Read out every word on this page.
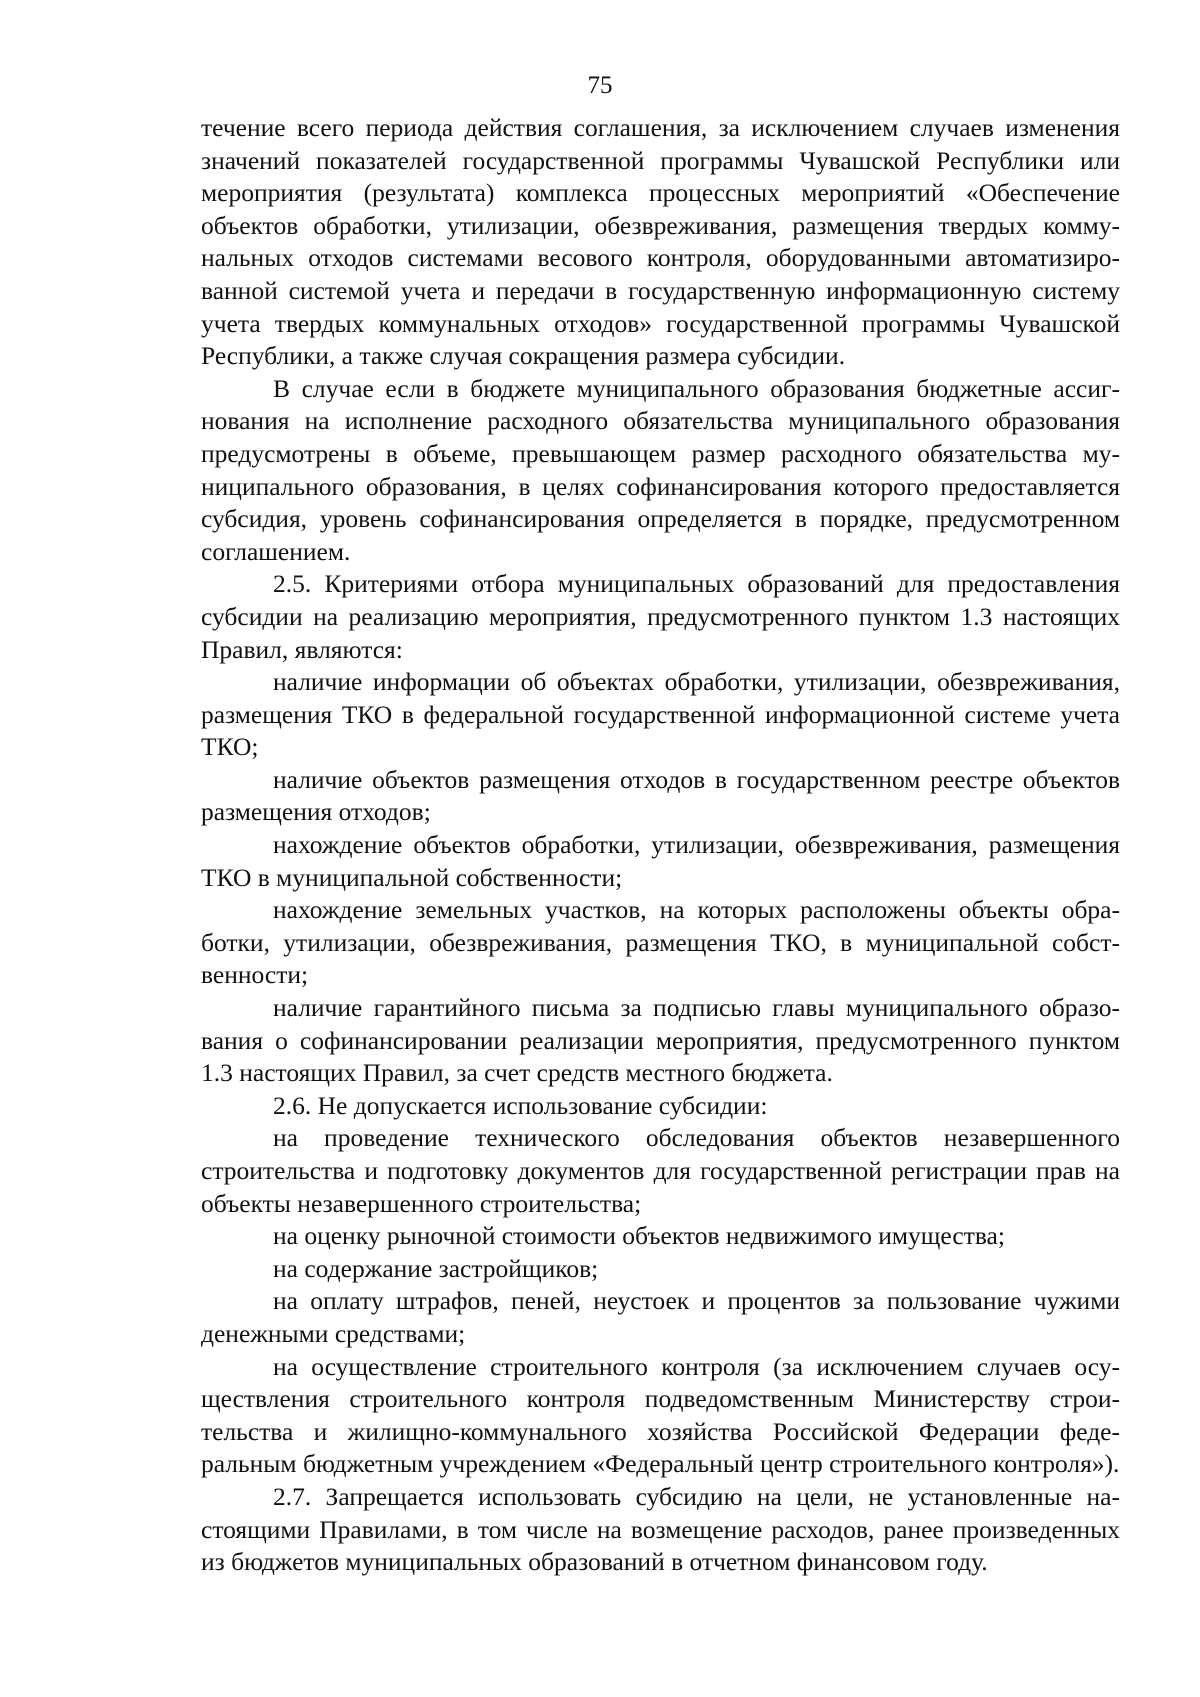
75

течение всего периода действия соглашения, за исключением случаев изменения значений показателей государственной программы Чувашской Республики или мероприятия (результата) комплекса процессных мероприятий «Обеспечение объектов обработки, утилизации, обезвреживания, размещения твердых коммунальных отходов системами весового контроля, оборудованными автоматизированной системой учета и передачи в государственную информационную систему учета твердых коммунальных отходов» государственной программы Чувашской Республики, а также случая сокращения размера субсидии.

В случае если в бюджете муниципального образования бюджетные ассигнования на исполнение расходного обязательства муниципального образования предусмотрены в объеме, превышающем размер расходного обязательства муниципального образования, в целях софинансирования которого предоставляется субсидия, уровень софинансирования определяется в порядке, предусмотренном соглашением.

2.5. Критериями отбора муниципальных образований для предоставления субсидии на реализацию мероприятия, предусмотренного пунктом 1.3 настоящих Правил, являются:

наличие информации об объектах обработки, утилизации, обезвреживания, размещения ТКО в федеральной государственной информационной системе учета ТКО;

наличие объектов размещения отходов в государственном реестре объектов размещения отходов;

нахождение объектов обработки, утилизации, обезвреживания, размещения ТКО в муниципальной собственности;

нахождение земельных участков, на которых расположены объекты обработки, утилизации, обезвреживания, размещения ТКО, в муниципальной собственности;

наличие гарантийного письма за подписью главы муниципального образования о софинансировании реализации мероприятия, предусмотренного пунктом 1.3 настоящих Правил, за счет средств местного бюджета.

2.6. Не допускается использование субсидии:

на проведение технического обследования объектов незавершенного строительства и подготовку документов для государственной регистрации прав на объекты незавершенного строительства;

на оценку рыночной стоимости объектов недвижимого имущества;

на содержание застройщиков;

на оплату штрафов, пеней, неустоек и процентов за пользование чужими денежными средствами;

на осуществление строительного контроля (за исключением случаев осуществления строительного контроля подведомственным Министерству строительства и жилищно-коммунального хозяйства Российской Федерации федеральным бюджетным учреждением «Федеральный центр строительного контроля»).

2.7. Запрещается использовать субсидию на цели, не установленные настоящими Правилами, в том числе на возмещение расходов, ранее произведенных из бюджетов муниципальных образований в отчетном финансовом году.
